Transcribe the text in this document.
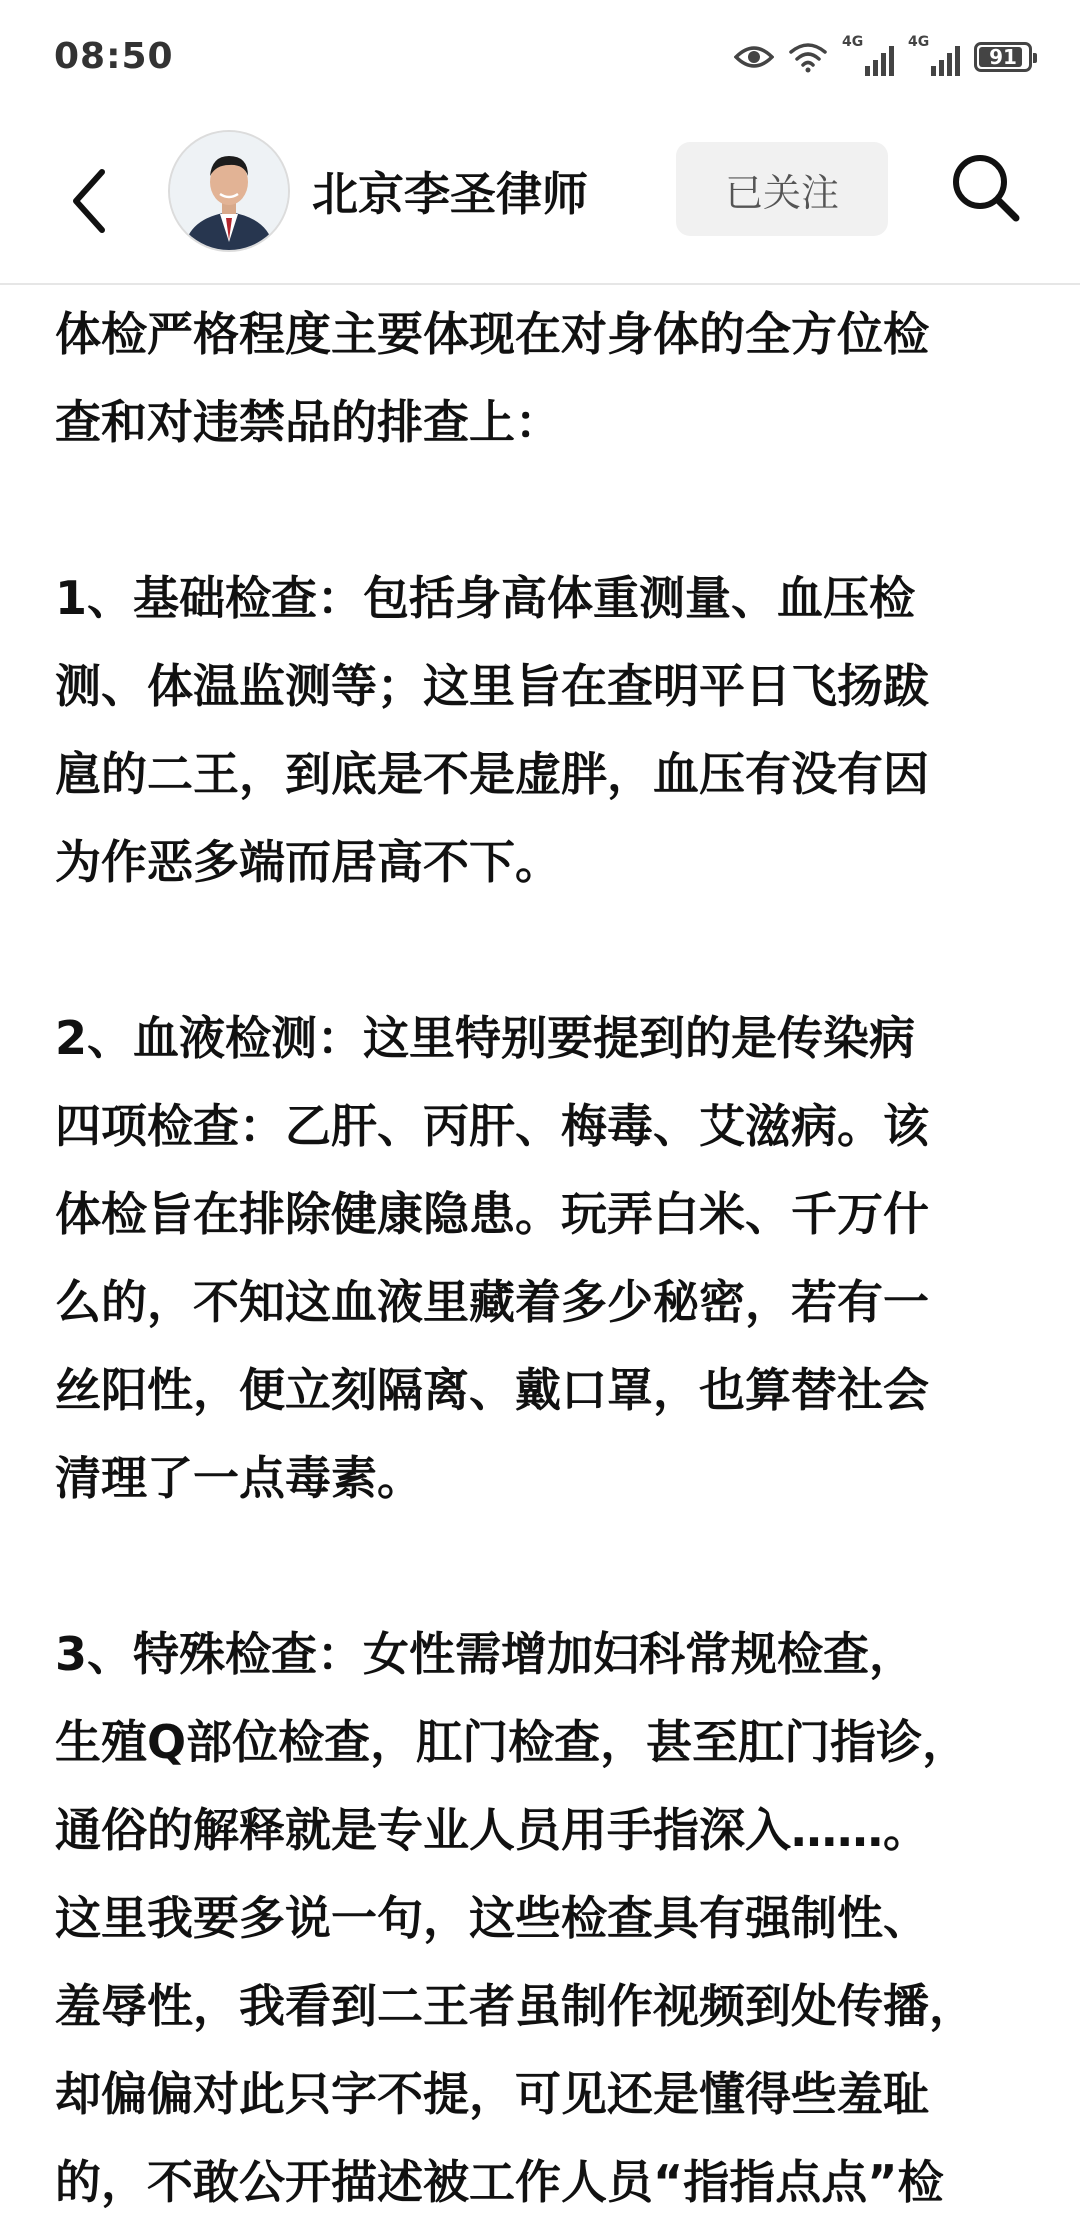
08:50	4G	4G
91
北京李圣律师	已关注

体检严格程度主要体现在对身体的全方位检
查和对违禁品的排查上：

1、基础检查：包括身高体重测量、血压检
测、体温监测等；这里旨在查明平日飞扬跋
扈的二王，到底是不是虚胖，血压有没有因
为作恶多端而居高不下。

2、血液检测：这里特别要提到的是传染病
四项检查：乙肝、丙肝、梅毒、艾滋病。该
体检旨在排除健康隐患。玩弄白米、千万什
么的，不知这血液里藏着多少秘密，若有一
丝阳性，便立刻隔离、戴口罩，也算替社会
清理了一点毒素。

3、特殊检查：女性需增加妇科常规检查，
生殖Q部位检查，肛门检查，甚至肛门指诊，
通俗的解释就是专业人员用手指深入……。
这里我要多说一句，这些检查具有强制性、
羞辱性，我看到二王者虽制作视频到处传播，
却偏偏对此只字不提，可见还是懂得些羞耻
的，不敢公开描述被工作人员“指指点点”检
